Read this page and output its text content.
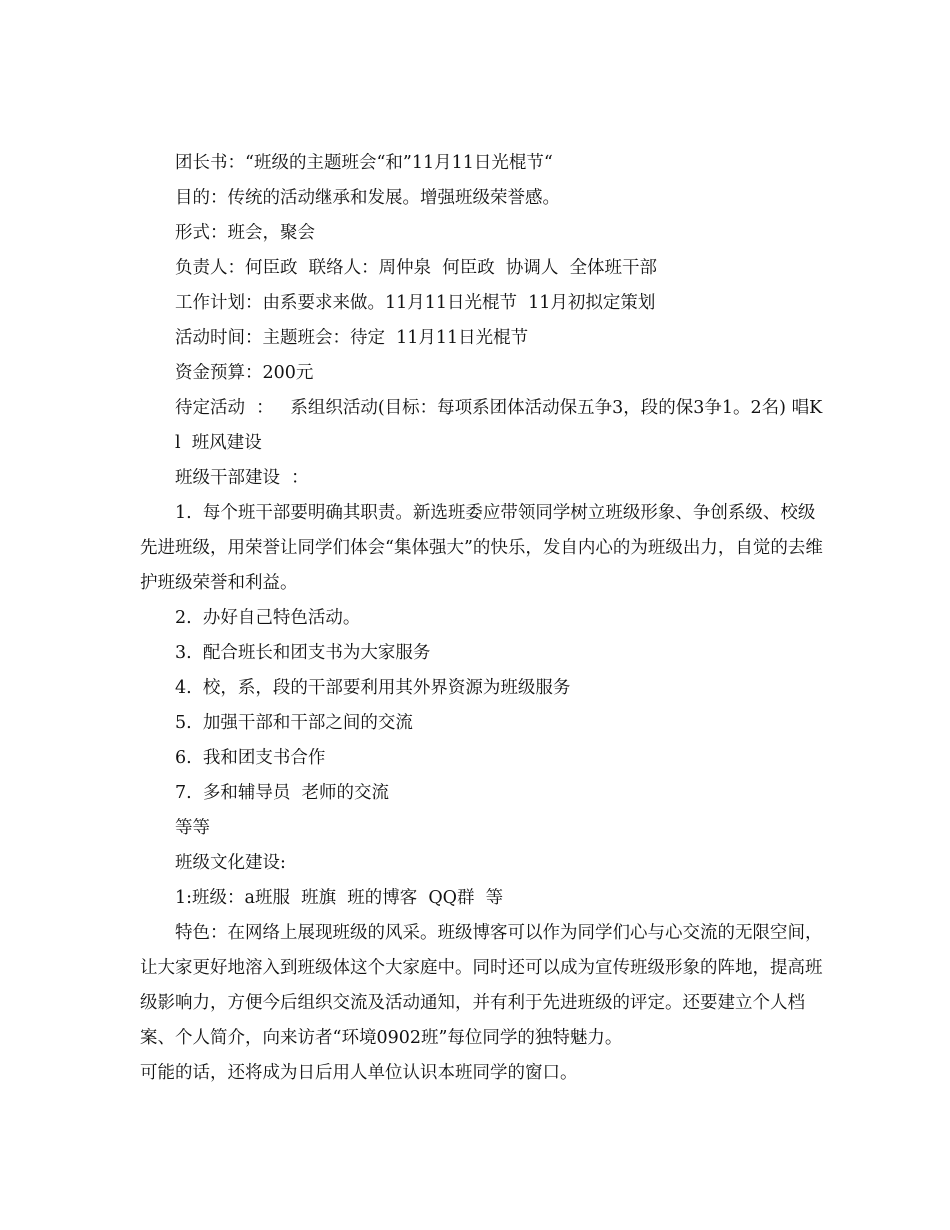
团长书：“班级的主题班会“和”11月11日光棍节“

目的：传统的活动继承和发展。增强班级荣誉感。

形式：班会，聚会

负责人：何臣政  联络人：周仲泉  何臣政  协调人  全体班干部

工作计划：由系要求来做。11月11日光棍节  11月初拟定策划

活动时间：主题班会：待定  11月11日光棍节

资金预算：200元

待定活动  ：   系组织活动(目标：每项系团体活动保五争3，段的保3争1。2名) 唱K

l  班风建设

班级干部建设  ：

1.  每个班干部要明确其职责。新选班委应带领同学树立班级形象、争创系级、校级先进班级，用荣誉让同学们体会“集体强大”的快乐，发自内心的为班级出力，自觉的去维护班级荣誉和利益。

2.  办好自己特色活动。

3.  配合班长和团支书为大家服务

4.  校，系，段的干部要利用其外界资源为班级服务

5.  加强干部和干部之间的交流

6.  我和团支书合作

7.  多和辅导员  老师的交流

等等

班级文化建设:

1:班级：a班服  班旗  班的博客  QQ群  等

特色：在网络上展现班级的风采。班级博客可以作为同学们心与心交流的无限空间，让大家更好地溶入到班级体这个大家庭中。同时还可以成为宣传班级形象的阵地，提高班级影响力，方便今后组织交流及活动通知，并有利于先进班级的评定。还要建立个人档案、个人简介，向来访者“环境0902班”每位同学的独特魅力。

可能的话，还将成为日后用人单位认识本班同学的窗口。
